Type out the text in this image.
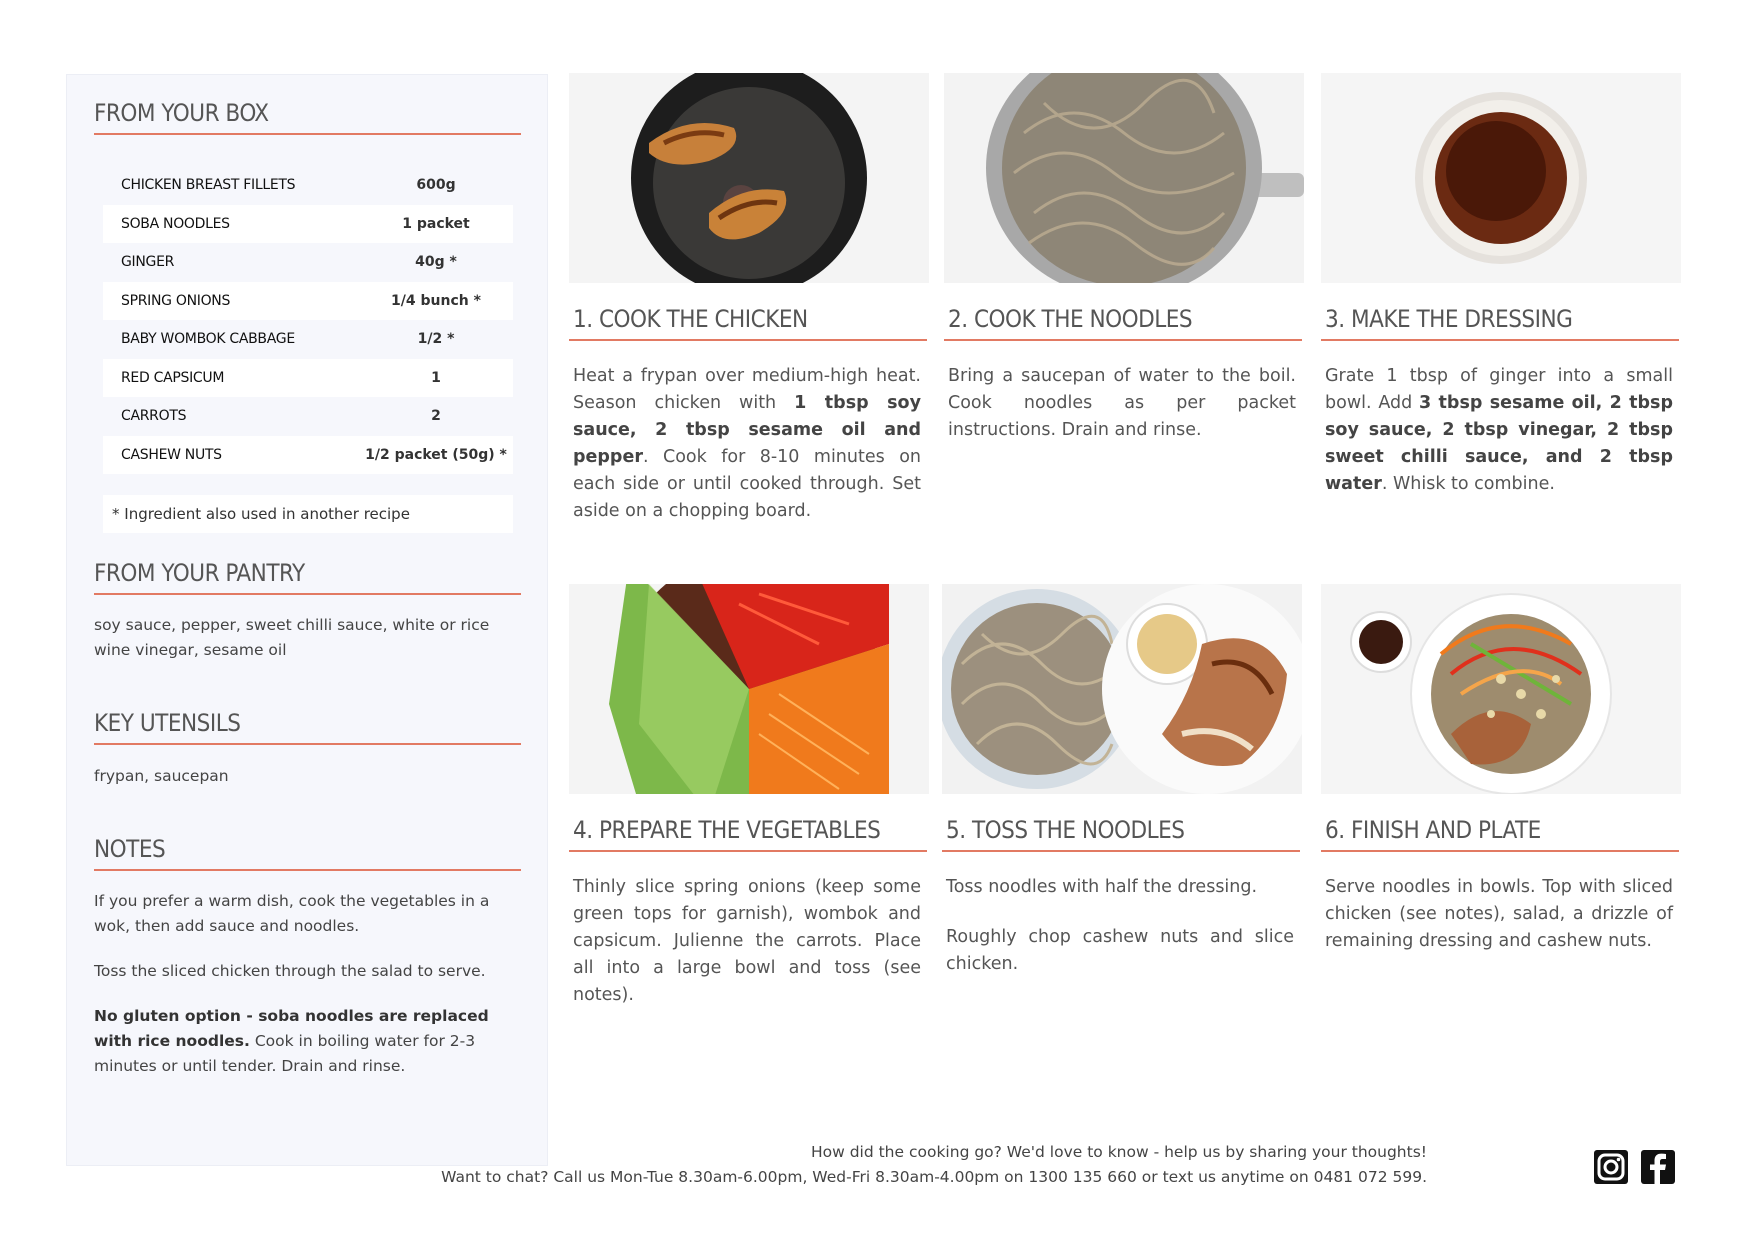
FROM YOUR BOX
CHICKEN BREAST FILLETS	600g
SOBA NOODLES	1 packet
GINGER	40g *
SPRING ONIONS	1/4 bunch *
BABY WOMBOK CABBAGE	1/2 *
RED CAPSICUM	1
CARROTS	2
CASHEW NUTS	1/2 packet (50g) *
* Ingredient also used in another recipe
FROM YOUR PANTRY
soy sauce, pepper, sweet chilli sauce, white or rice wine vinegar, sesame oil
KEY UTENSILS
frypan, saucepan
NOTES

If you prefer a warm dish, cook the vegetables in a wok, then add sauce and noodles.

Toss the sliced chicken through the salad to serve.

No gluten option - soba noodles are replaced with rice noodles. Cook in boiling water for 2-3 minutes or until tender. Drain and rinse.

1. COOK THE CHICKEN

Heat a frypan over medium-high heat. Season chicken with 1 tbsp soy sauce, 2 tbsp sesame oil and pepper. Cook for 8-10 minutes on each side or until cooked through. Set aside on a chopping board.

2. COOK THE NOODLES

Bring a saucepan of water to the boil. Cook noodles as per packet instructions. Drain and rinse.

3. MAKE THE DRESSING

Grate 1 tbsp of ginger into a small bowl. Add 3 tbsp sesame oil, 2 tbsp soy sauce, 2 tbsp vinegar, 2 tbsp sweet chilli sauce, and 2 tbsp water. Whisk to combine.

4. PREPARE THE VEGETABLES

Thinly slice spring onions (keep some green tops for garnish), wombok and capsicum. Julienne the carrots. Place all into a large bowl and toss (see notes).

5. TOSS THE NOODLES

Toss noodles with half the dressing.

Roughly chop cashew nuts and slice chicken.

6. FINISH AND PLATE

Serve noodles in bowls. Top with sliced chicken (see notes), salad, a drizzle of remaining dressing and cashew nuts.

How did the cooking go? We'd love to know - help us by sharing your thoughts!
Want to chat? Call us Mon-Tue 8.30am-6.00pm, Wed-Fri 8.30am-4.00pm on 1300 135 660 or text us anytime on 0481 072 599.
